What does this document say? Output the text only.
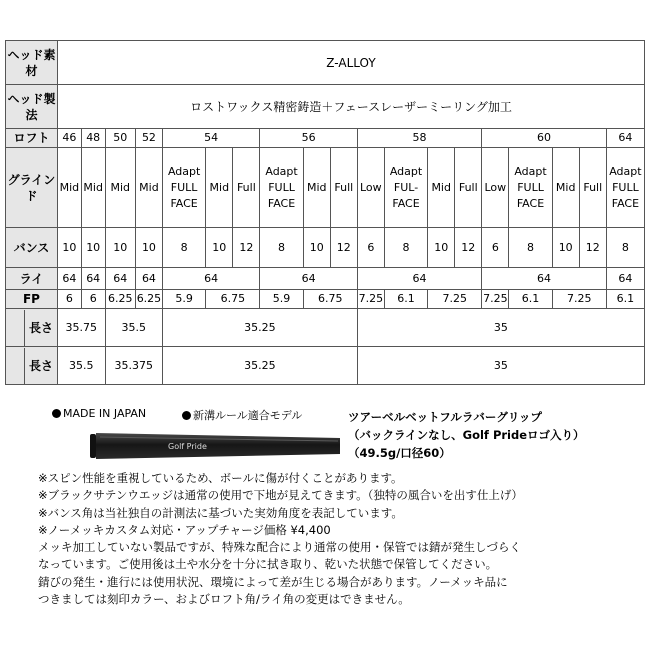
ヘッド素材	Z-ALLOY																		
ヘッド製法	ロストワックス精密鋳造＋フェースレーザーミーリング加工																		
ロフト	46	48	50	52	54			56			58				60				64
グラインド	Mid	Mid	Mid	Mid	Adapt FULL FACE	Mid	Full	Adapt FULL FACE	Mid	Full	Low	Adapt FUL-FACE	Mid	Full	Low	Adapt FULL FACE	Mid	Full	Adapt FULL FACE
バンス	10	10	10	10	8	10	12	8	10	12	6	8	10	12	6	8	10	12	8
ライ	64	64	64	64	64			64			64				64				64
FP	6	6	6.25	6.25	5.9	6.75		5.9	6.75		7.25	6.1	7.25		7.25	6.1	7.25		6.1

長さ	35.75		35.5		35.25						35								

長さ	35.5		35.375		35.25						35								
MADE IN JAPAN	新溝ルール適合モデル
Golf Pride
ツアーベルベットフルラバーグリップ
（バックラインなし、Golf Prideロゴ入り）
（49.5g/口径60）
※スピン性能を重視しているため、ボールに傷が付くことがあります。
※ブラックサテンウエッジは通常の使用で下地が見えてきます。（独特の風合いを出す仕上げ）
※バンス角は当社独自の計測法に基づいた実効角度を表記しています。
※ノーメッキカスタム対応・アップチャージ価格 ¥4,400
メッキ加工していない製品ですが、特殊な配合により通常の使用・保管では錆が発生しづらく
なっています。ご使用後は土や水分を十分に拭き取り、乾いた状態で保管してください。
錆びの発生・進行には使用状況、環境によって差が生じる場合があります。ノーメッキ品に
つきましては刻印カラー、およびロフト角/ライ角の変更はできません。
